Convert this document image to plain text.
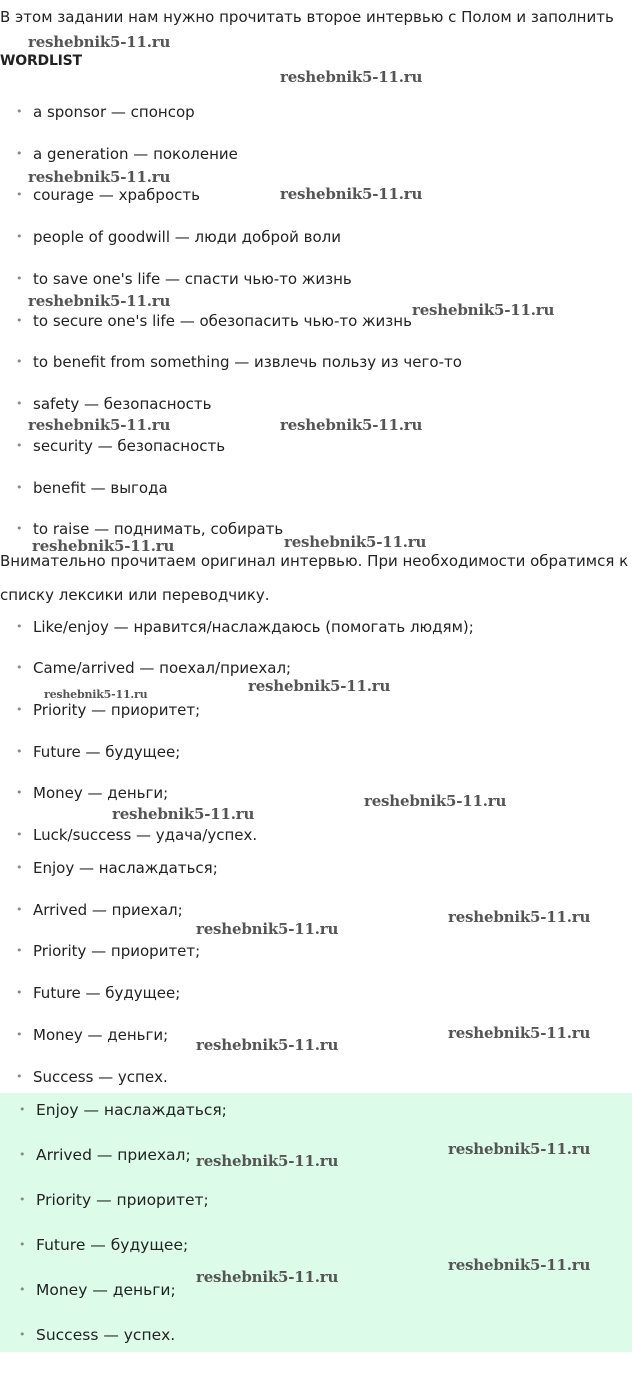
В этом задании нам нужно прочитать второе интервью с Полом и заполнить
WORDLIST
• a sponsor — спонсор
• a generation — поколение
• courage — храбрость
• people of goodwill — люди доброй воли
• to save one's life — спасти чью-то жизнь
• to secure one's life — обезопасить чью-то жизнь
• to benefit from something — извлечь пользу из чего-то
• safety — безопасность
• security — безопасность
• benefit — выгода
• to raise — поднимать, собирать
Внимательно прочитаем оригинал интервью. При необходимости обратимся к
списку лексики или переводчику.
• Like/enjoy — нравится/наслаждаюсь (помогать людям);
• Came/arrived — поехал/приехал;
• Priority — приоритет;
• Future — будущее;
• Money — деньги;
• Luck/success — удача/успех.
• Enjoy — наслаждаться;
• Arrived — приехал;
• Priority — приоритет;
• Future — будущее;
• Money — деньги;
• Success — успех.
• Enjoy — наслаждаться;
• Arrived — приехал;
• Priority — приоритет;
• Future — будущее;
• Money — деньги;
• Success — успех.
reshebnik5-11.ru
reshebnik5-11.ru
reshebnik5-11.ru
reshebnik5-11.ru
reshebnik5-11.ru	reshebnik5-11.ru
reshebnik5-11.ru	reshebnik5-11.ru
reshebnik5-11.ru	reshebnik5-11.ru
reshebnik5-11.ru	reshebnik5-11.ru
reshebnik5-11.ru
reshebnik5-11.ru
reshebnik5-11.ru
reshebnik5-11.ru
reshebnik5-11.ru
reshebnik5-11.ru
reshebnik5-11.ru
reshebnik5-11.ru
reshebnik5-11.ru
reshebnik5-11.ru
